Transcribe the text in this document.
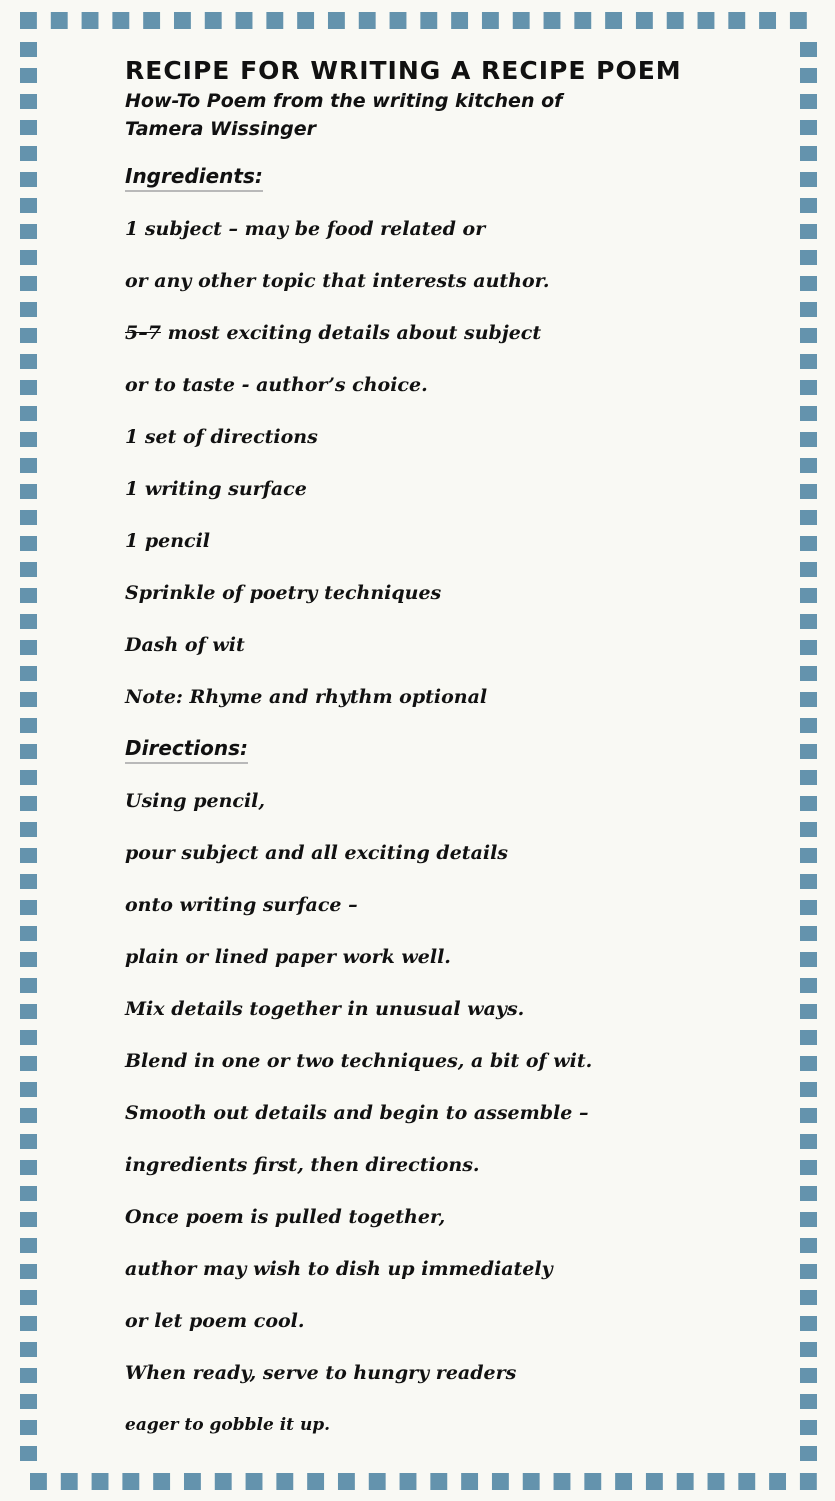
RECIPE FOR WRITING A RECIPE POEM
How-To Poem from the writing kitchen of
Tamera Wissinger
Ingredients:
1 subject – may be food related or
or any other topic that interests author.
5–7 most exciting details about subject
or to taste - author’s choice.
1 set of directions
1 writing surface
1 pencil
Sprinkle of poetry techniques
Dash of wit
Note: Rhyme and rhythm optional
Directions:
Using pencil,
pour subject and all exciting details
onto writing surface –
plain or lined paper work well.
Mix details together in unusual ways.
Blend in one or two techniques, a bit of wit.
Smooth out details and begin to assemble –
ingredients first, then directions.
Once poem is pulled together,
author may wish to dish up immediately
or let poem cool.
When ready, serve to hungry readers
eager to gobble it up.
